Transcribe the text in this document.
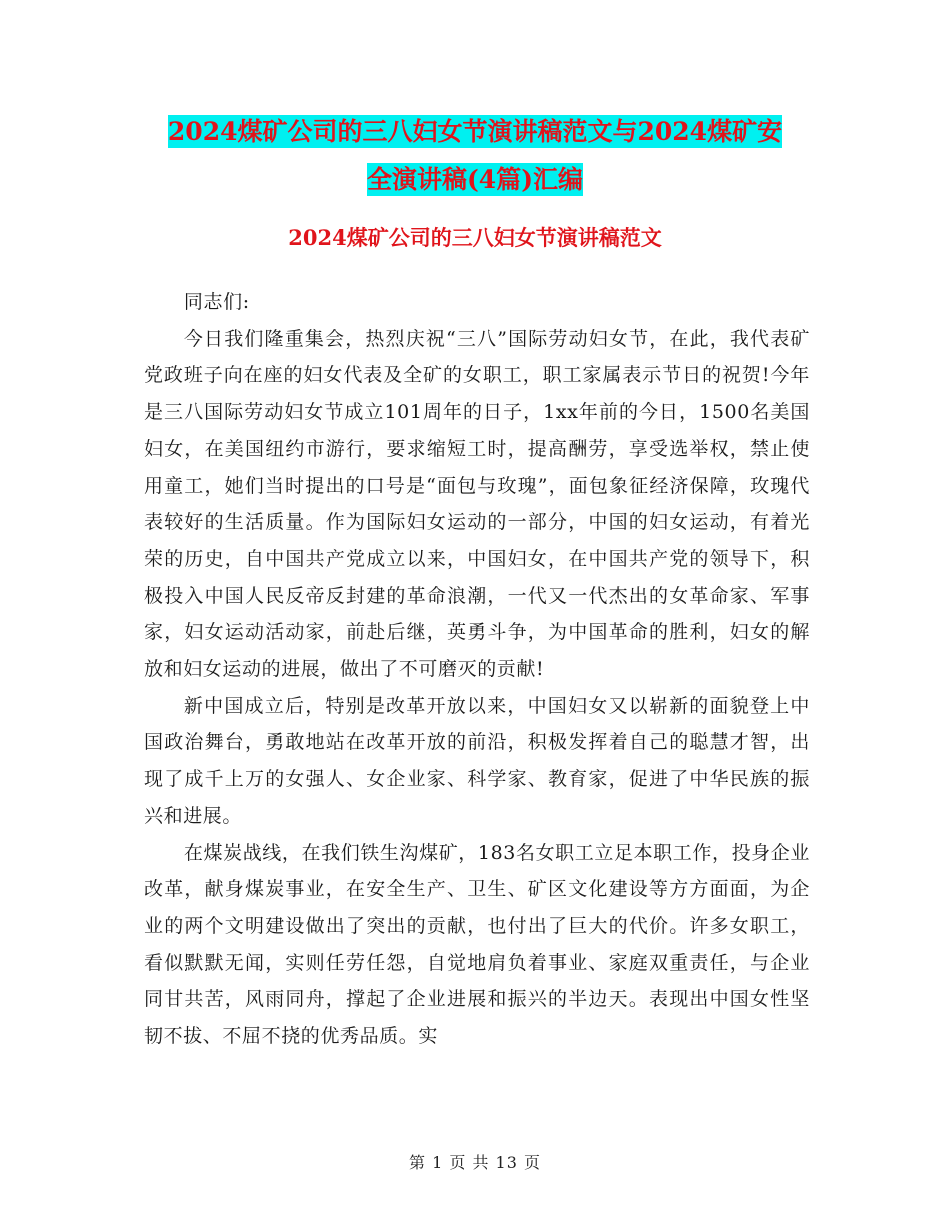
2024煤矿公司的三八妇女节演讲稿范文与2024煤矿安
全演讲稿(4篇)汇编
2024煤矿公司的三八妇女节演讲稿范文

同志们:

今日我们隆重集会，热烈庆祝“三八”国际劳动妇女节，在此，我代表矿党政班子向在座的妇女代表及全矿的女职工，职工家属表示节日的祝贺!今年是三八国际劳动妇女节成立101周年的日子，1xx年前的今日，1500名美国妇女，在美国纽约市游行，要求缩短工时，提高酬劳，享受选举权，禁止使用童工，她们当时提出的口号是“面包与玫瑰”，面包象征经济保障，玫瑰代表较好的生活质量。作为国际妇女运动的一部分，中国的妇女运动，有着光荣的历史，自中国共产党成立以来，中国妇女，在中国共产党的领导下，积极投入中国人民反帝反封建的革命浪潮，一代又一代杰出的女革命家、军事家，妇女运动活动家，前赴后继，英勇斗争，为中国革命的胜利，妇女的解放和妇女运动的进展，做出了不可磨灭的贡献!

新中国成立后，特别是改革开放以来，中国妇女又以崭新的面貌登上中国政治舞台，勇敢地站在改革开放的前沿，积极发挥着自己的聪慧才智，出现了成千上万的女强人、女企业家、科学家、教育家，促进了中华民族的振兴和进展。

在煤炭战线，在我们铁生沟煤矿，183名女职工立足本职工作，投身企业改革，献身煤炭事业，在安全生产、卫生、矿区文化建设等方方面面，为企业的两个文明建设做出了突出的贡献，也付出了巨大的代价。许多女职工，看似默默无闻，实则任劳任怨，自觉地肩负着事业、家庭双重责任，与企业同甘共苦，风雨同舟，撑起了企业进展和振兴的半边天。表现出中国女性坚韧不拔、不屈不挠的优秀品质。实

第 1 页 共 13 页
